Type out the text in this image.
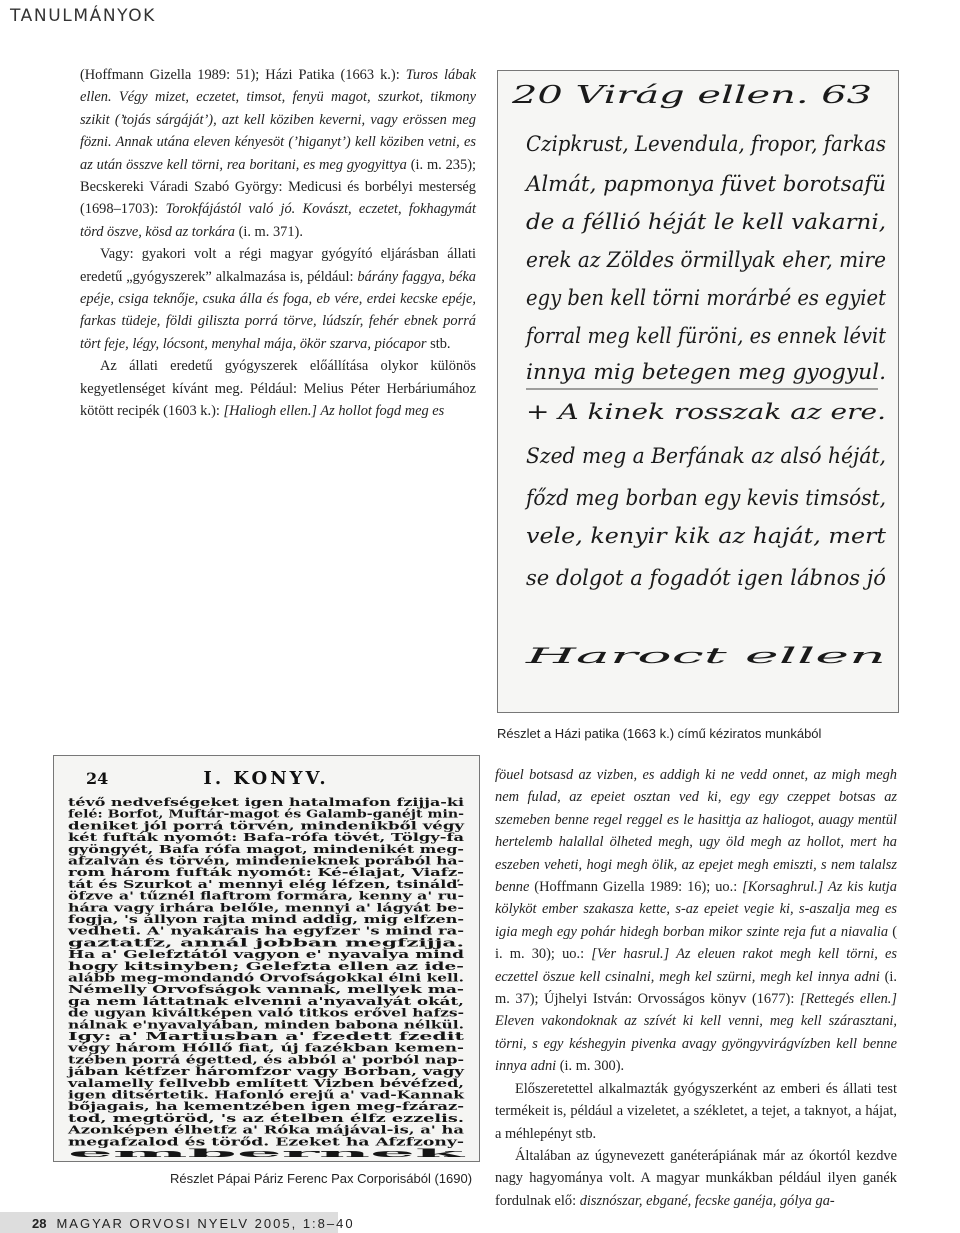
TANULMÁNYOK

(Hoffmann Gizella 1989: 51); Házi Patika (1663 k.): Turos lábak ellen. Végy mizet, eczetet, timsot, fenyü magot, szurkot, tikmony szikit (’tojás sárgáját’), azt kell köziben keverni, vagy erössen meg fözni. Annak utána eleven kényesöt (’higanyt’) kell köziben vetni, es az után összve kell törni, rea boritani, es meg gyogyittya (i. m. 235); Becskereki Váradi Szabó György: Medicusi és borbélyi mesterség (1698–1703): Torokfájástól való jó. Kovászt, eczetet, fokhagymát törd öszve, kösd az torkára (i. m. 371).

Vagy: gyakori volt a régi magyar gyógyító eljárásban állati eredetű „gyógyszerek” alkalmazása is, például: bárány faggya, béka epéje, csiga teknője, csuka álla és foga, eb vére, erdei kecske epéje, farkas tüdeje, földi giliszta porrá törve, lúdszír, fehér ebnek porrá tört feje, légy, lócsont, menyhal mája, ökör szarva, piócapor stb.

Az állati eredetű gyógyszerek előállítása olykor különös kegyetlenséget kívánt meg. Például: Melius Péter Herbáriumához kötött recipék (1603 k.): [Haliogh ellen.] Az hollot fogd meg es

20 Virág ellen. 63
Czipkrust, Levendula, fropor, farkas
Almát, papmonya füvet borotsafü
de a féllió héját le kell vakarni,
erek az Zöldes örmillyak eher, mire
egy ben kell törni morárbé es egyiet
forral meg kell füröni, es ennek lévit
innya mig betegen meg gyogyul.
+ A kinek rosszak az ere.
Szed meg a Berfának az alsó héját,
főzd meg borban egy kevis timsóst,
vele, kenyir kik az haját, mert
se dolgot a fogadót igen lábnos jó
Haroct ellen
Részlet a Házi patika (1663 k.) című kéziratos munkából

föuel botsasd az vizben, es addigh ki ne vedd onnet, az migh megh nem fulad, az epeiet osztan ved ki, egy egy czeppet botsas az szemeben benne regel reggel es le hasittja az haliogot, auagy mentül hertelemb halallal ölheted megh, ugy öld megh az hollot, mert ha eszeben veheti, hogi megh ölik, az epejet megh emiszti, s nem talalsz benne (Hoffmann Gizella 1989: 16); uo.: [Korsaghrul.] Az kis kutja kölyköt ember szakasza kette, s-az epeiet vegie ki, s-aszalja meg es igia megh egy pohár hidegh borban mikor szinte reja fut a niavalia ( i. m. 30); uo.: [Ver hasrul.] Az eleuen rakot megh kell törni, es eczettel öszue kell csinalni, megh kel szürni, megh kel innya adni (i. m. 37); Újhelyi István: Orvosságos könyv (1677): [Rettegés ellen.] Eleven vakondoknak az szívét ki kell venni, meg kell szárasztani, törni, s egy késhegyin pivenka avagy gyöngyvirágvízben kell benne innya adni (i. m. 300).

Előszeretettel alkalmazták gyógyszerként az emberi és állati test termékeit is, például a vizeletet, a székletet, a tejet, a taknyot, a hájat, a méhlepényt stb.

Általában az úgynevezett ganéterápiának már az ókortól kezdve nagy hagyománya volt. A magyar munkákban például ilyen ganék fordulnak elő: disznószar, ebgané, fecske ganéja, gólya ga-

24	I. KONYV.
tévő nedvefségeket igen hatalmafon fzijja-ki
felé: Borfot, Muftár-magot és Galamb-ganéjt min-
deniket jól porrá törvén, mindenikből végy
két fufták nyomót: Bafa-rófa tövét, Tölgy-fa
gyöngyét, Bafa rófa magot, mindenikét meg-
afzalván és törvén, mindenieknek porából ha-
rom három fufták nyomót: Ké-élajat, Viafz-
tát és Szurkot a' mennyi elég léfzen, tsinálď-
öfzve a' tűznél flaftrom formára, kenny a' ru-
hára vagy irhára belőle, mennyi a' lágyát be-
fogja, 's állyon rajta mind addig, mig elfzen-
vedheti. A' nyakárais ha egyfzer 's mind ra-
gaztatfz, annál jobban megfzijja.
Ha a' Gelefztától vagyon e' nyavalya mind
hogy kitsinyben; Gelefzta ellen az ide-
alább meg-mondandó Orvofságokkal élni kell.
Némelly Orvofságok vannak, mellyek ma-
ga nem láttatnak elvenni a'nyavalyát okát,
de ugyan kiváltképen való titkos erővel hafzs-
nálnak e'nyavalyában, minden babona nélkül.
Igy: a' Martiusban a' fzedett fzedit
végy három Hóllő fiat, új fazékban kemen-
tzében porrá égetted, és abból a' porból nap-
jában kétfzer háromfzor vagy Borban, vagy
valamelly fellvebb említett Vizben bévéfzed,
igen ditsértetik. Hafonló erejű a' vad-Kannak
bőjagais, ha kementzében igen meg-fzáraz-
tod, megtöröd, 's az ételben élfz ezzelis.
Azonképen élhetfz a' Róka májával-is, a' ha
megafzalod és törőd. Ezeket ha Afzfzony-
embernek
Részlet Pápai Páriz Ferenc Pax Corporisából (1690)
28 MAGYAR ORVOSI NYELV 2005, 1:8–40
